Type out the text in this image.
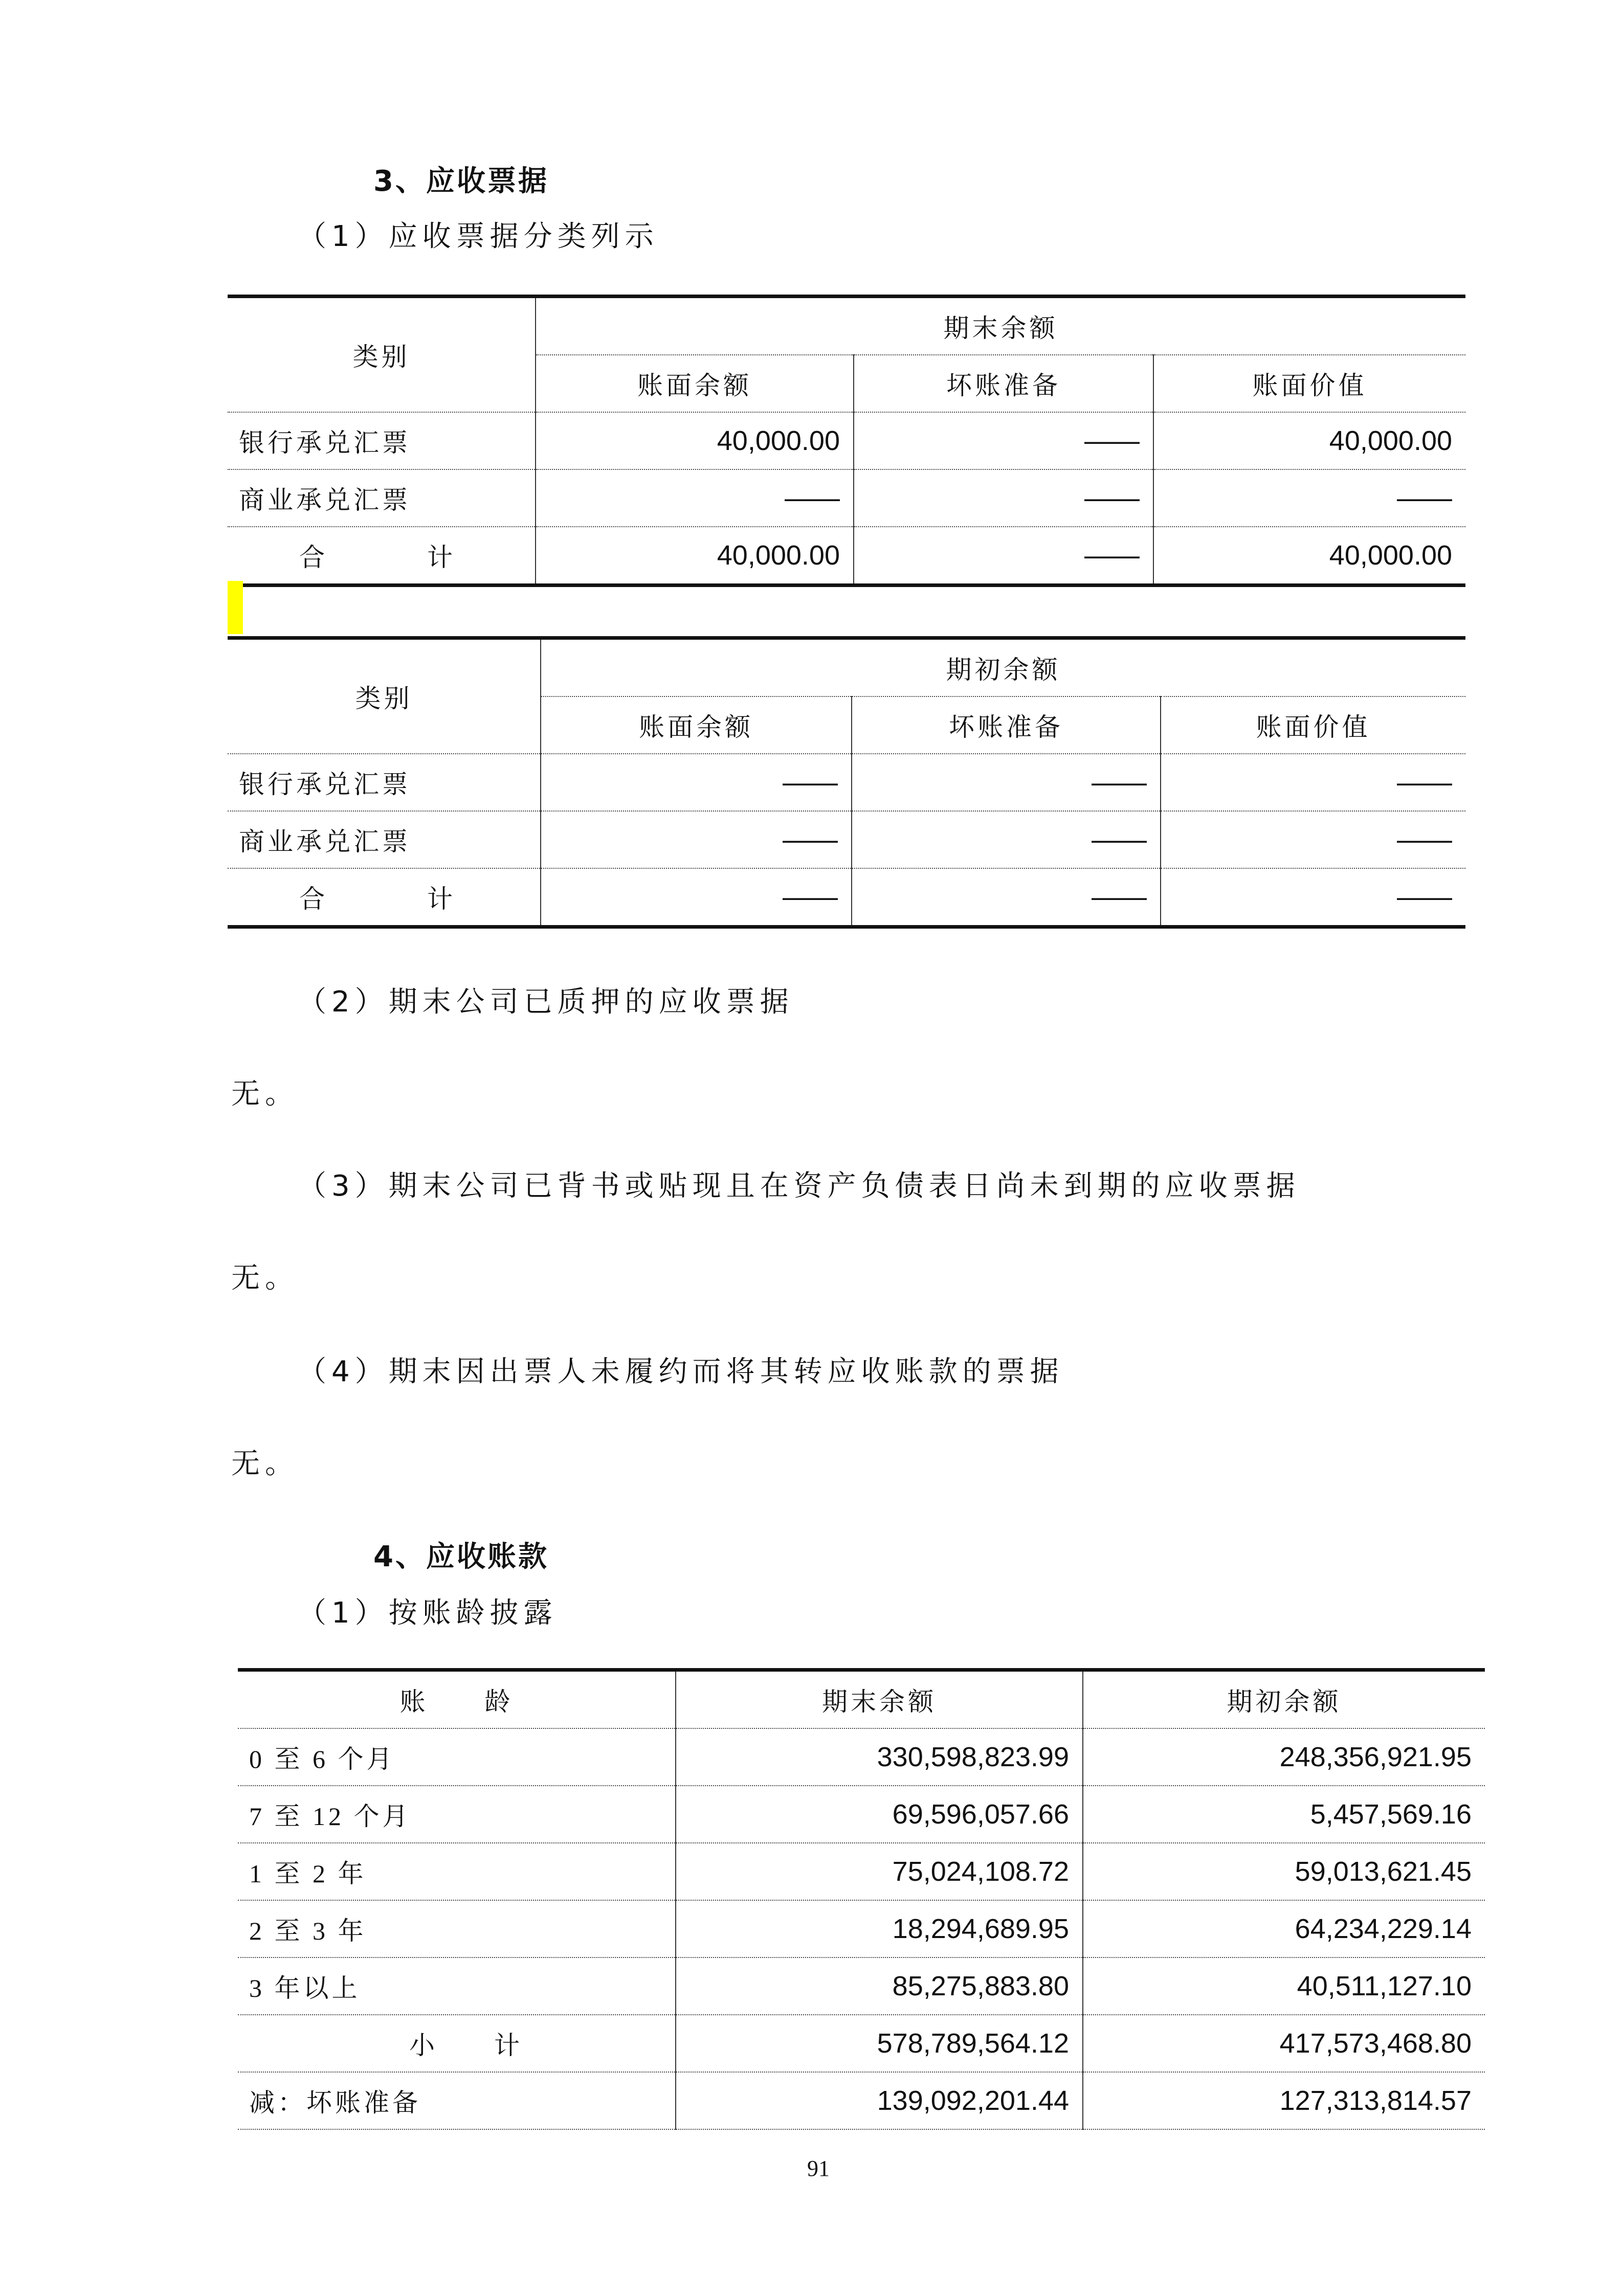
3、应收票据
（1）应收票据分类列示
类别	期末余额		
	账面余额	坏账准备	账面价值
银行承兑汇票	40,000.00	——	40,000.00
商业承兑汇票	——	——	——
合 计	40,000.00	——	40,000.00
类别	期初余额		
	账面余额	坏账准备	账面价值
银行承兑汇票	——	——	——
商业承兑汇票	——	——	——
合 计	——	——	——
（2）期末公司已质押的应收票据
无。
（3）期末公司已背书或贴现且在资产负债表日尚未到期的应收票据
无。
（4）期末因出票人未履约而将其转应收账款的票据
无。
4、应收账款
（1）按账龄披露
账 龄	期末余额	期初余额
0 至 6 个月	330,598,823.99	248,356,921.95
7 至 12 个月	69,596,057.66	5,457,569.16
1 至 2 年	75,024,108.72	59,013,621.45
2 至 3 年	18,294,689.95	64,234,229.14
3 年以上	85,275,883.80	40,511,127.10
小 计	578,789,564.12	417,573,468.80
减：坏账准备	139,092,201.44	127,313,814.57
91
